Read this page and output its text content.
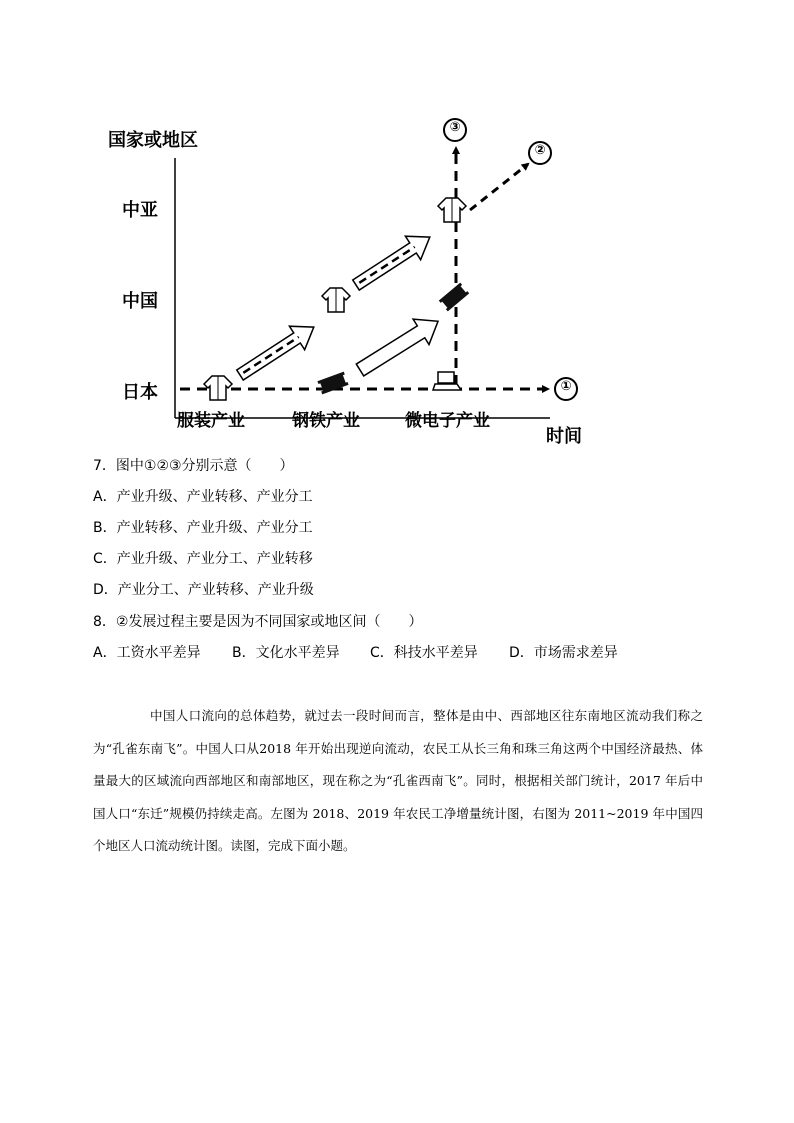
国家或地区
时间
中亚
中国
日本
服装产业	钢铁产业	微电子产业
③
②
①
7．图中①②③分别示意（　　）
A．产业升级、产业转移、产业分工
B．产业转移、产业升级、产业分工
C．产业升级、产业分工、产业转移
D．产业分工、产业转移、产业升级
8．②发展过程主要是因为不同国家或地区间（　　）
A．工资水平差异 B．文化水平差异 C．科技水平差异 D．市场需求差异
中国人口流向的总体趋势，就过去一段时间而言，整体是由中、西部地区往东南地区流动我们称之为“孔雀东南飞”。中国人口从2018 年开始出现逆向流动，农民工从长三角和珠三角这两个中国经济最热、体量最大的区域流向西部地区和南部地区，现在称之为“孔雀西南飞”。同时，根据相关部门统计，2017 年后中国人口“东迁”规模仍持续走高。左图为 2018、2019 年农民工净增量统计图，右图为 2011~2019 年中国四个地区人口流动统计图。读图，完成下面小题。
